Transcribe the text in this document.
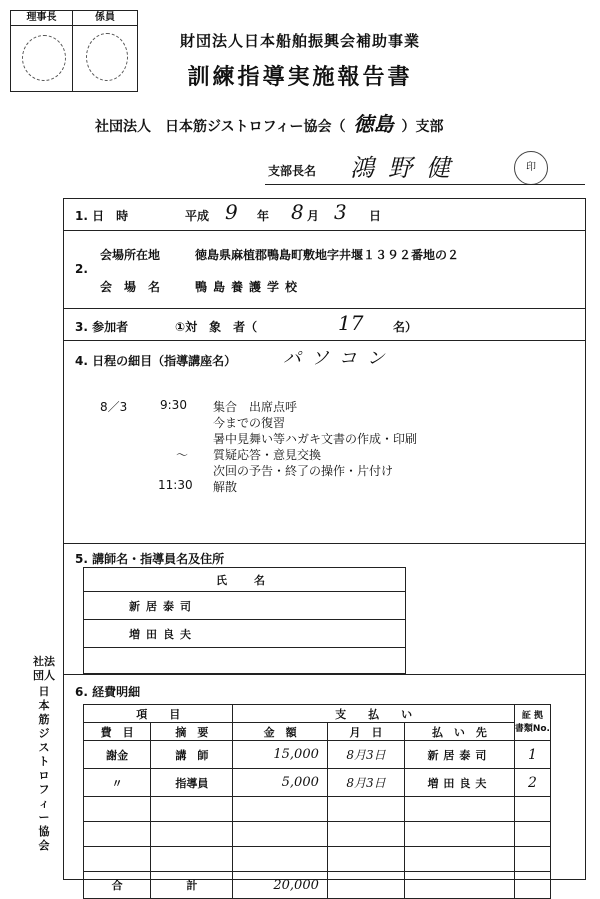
理事長	係員
財団法人日本船舶振興会補助事業
訓練指導実施報告書
社団法人　日本筋ジストロフィー協会（ 徳島 ）支部
支部長名 鴻野健	印
社法
団人
日本筋ジストロフィー協会
1. 日　時	平成 9 年 8 月 3 日
2.
会場所在地	徳島県麻植郡鴨島町敷地字井堰１３９２番地の２
会　場　名	鴨島養護学校
3. 参加者	①対　象　者（	17 名）
4. 日程の細目（指導講座名）	パソコン
8／3	9:30 集合　出席点呼
今までの復習
暑中見舞い等ハガキ文書の作成・印刷
〜 質疑応答・意見交換
次回の予告・終了の操作・片付け
11:30 解散
5. 講師名・指導員名及住所
氏　名
新居泰司
増田良夫

6. 経費明細
項　　目		支　　払　　い			証 拠
書類No.
費　目	摘　要	金　額	月　日	払　い　先	
謝金	講　師	15,000	8月3日	新居泰司	1
〃	指導員	5,000	8月3日	増田良夫	2

合	計	20,000			
